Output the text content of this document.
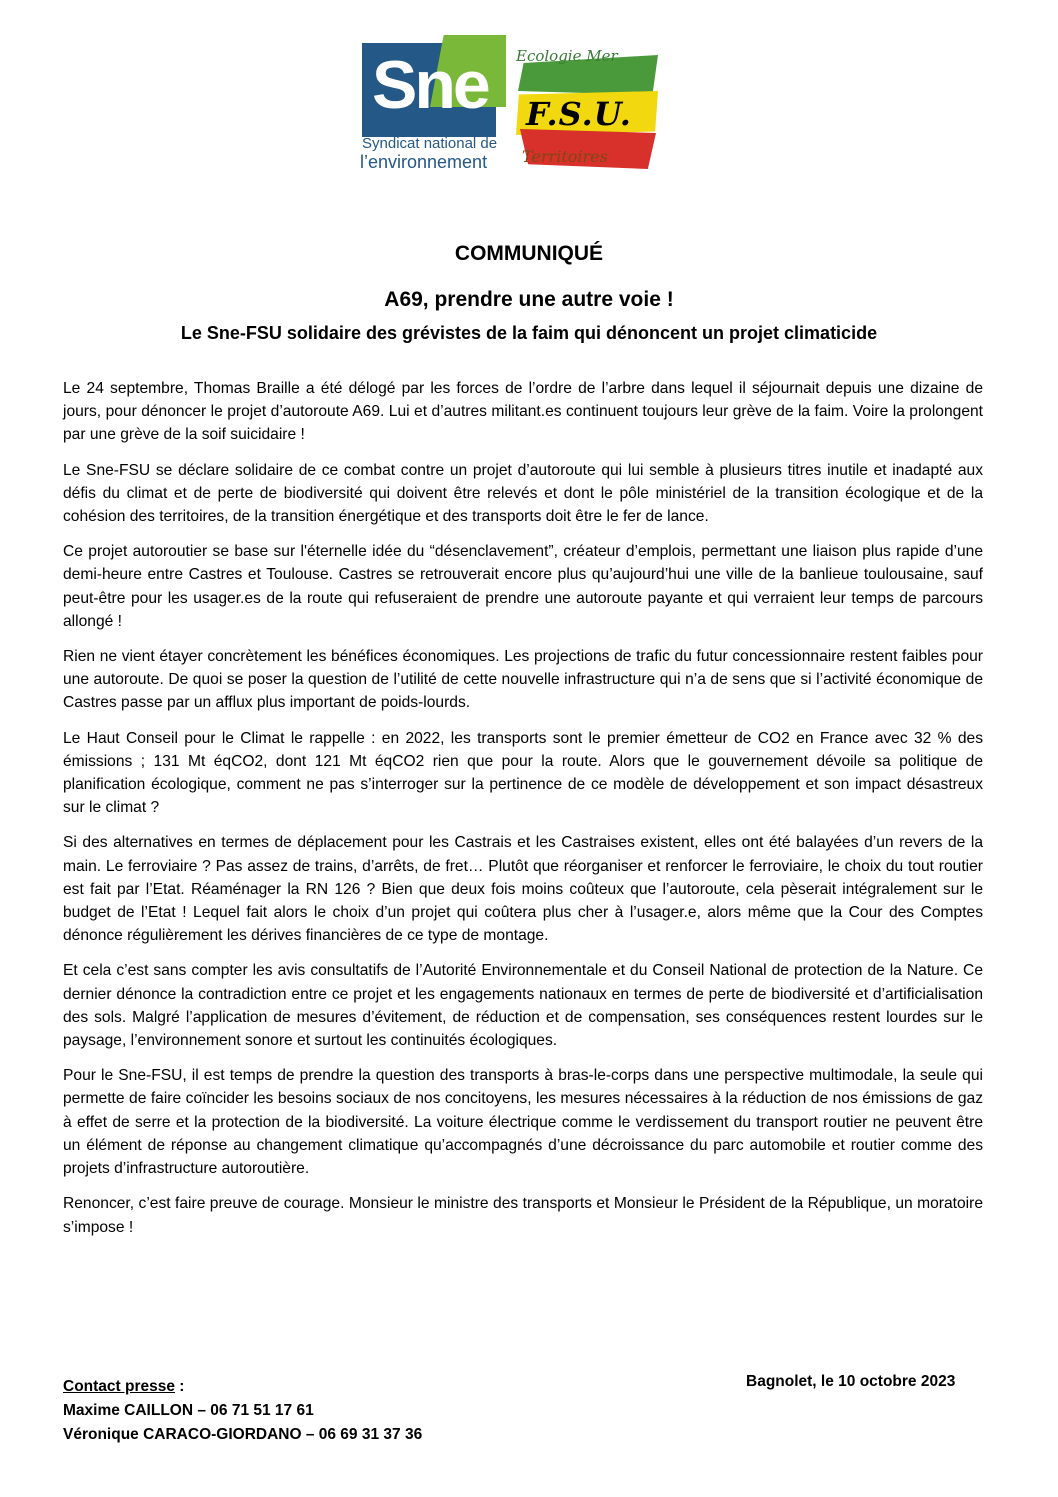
Sne
Syndicat national de
l’environnement
Ecologie Mer
F.S.U.
Territoires
COMMUNIQUÉ
A69, prendre une autre voie !
Le Sne-FSU solidaire des grévistes de la faim qui dénoncent un projet climaticide

Le 24 septembre, Thomas Braille a été délogé par les forces de l’ordre de l’arbre dans lequel il séjournait depuis une dizaine de jours, pour dénoncer le projet d’autoroute A69. Lui et d’autres militant.es continuent toujours leur grève de la faim. Voire la prolongent par une grève de la soif suicidaire !

Le Sne-FSU se déclare solidaire de ce combat contre un projet d’autoroute qui lui semble à plusieurs titres inutile et inadapté aux défis du climat et de perte de biodiversité qui doivent être relevés et dont le pôle ministériel de la transition écologique et de la cohésion des territoires, de la transition énergétique et des transports doit être le fer de lance.

Ce projet autoroutier se base sur l'éternelle idée du “désenclavement”, créateur d’emplois, permettant une liaison plus rapide d’une demi-heure entre Castres et Toulouse. Castres se retrouverait encore plus qu’aujourd’hui une ville de la banlieue toulousaine, sauf peut-être pour les usager.es de la route qui refuseraient de prendre une autoroute payante et qui verraient leur temps de parcours allongé !

Rien ne vient étayer concrètement les bénéfices économiques. Les projections de trafic du futur concessionnaire restent faibles pour une autoroute. De quoi se poser la question de l’utilité de cette nouvelle infrastructure qui n’a de sens que si l’activité économique de Castres passe par un afflux plus important de poids-lourds.

Le Haut Conseil pour le Climat le rappelle : en 2022, les transports sont le premier émetteur de CO2 en France avec 32 % des émissions ; 131 Mt éqCO2, dont 121 Mt éqCO2 rien que pour la route. Alors que le gouvernement dévoile sa politique de planification écologique, comment ne pas s’interroger sur la pertinence de ce modèle de développement et son impact désastreux sur le climat ?

Si des alternatives en termes de déplacement pour les Castrais et les Castraises existent, elles ont été balayées d’un revers de la main. Le ferroviaire ? Pas assez de trains, d’arrêts, de fret… Plutôt que réorganiser et renforcer le ferroviaire, le choix du tout routier est fait par l’Etat. Réaménager la RN 126 ? Bien que deux fois moins coûteux que l’autoroute, cela pèserait intégralement sur le budget de l’Etat ! Lequel fait alors le choix d’un projet qui coûtera plus cher à l’usager.e, alors même que la Cour des Comptes dénonce régulièrement les dérives financières de ce type de montage.

Et cela c’est sans compter les avis consultatifs de l’Autorité Environnementale et du Conseil National de protection de la Nature. Ce dernier dénonce la contradiction entre ce projet et les engagements nationaux en termes de perte de biodiversité et d’artificialisation des sols. Malgré l’application de mesures d’évitement, de réduction et de compensation, ses conséquences restent lourdes sur le paysage, l’environnement sonore et surtout les continuités écologiques.

Pour le Sne-FSU, il est temps de prendre la question des transports à bras-le-corps dans une perspective multimodale, la seule qui permette de faire coïncider les besoins sociaux de nos concitoyens, les mesures nécessaires à la réduction de nos émissions de gaz à effet de serre et la protection de la biodiversité. La voiture électrique comme le verdissement du transport routier ne peuvent être un élément de réponse au changement climatique qu’accompagnés d’une décroissance du parc automobile et routier comme des projets d’infrastructure autoroutière.

Renoncer, c’est faire preuve de courage. Monsieur le ministre des transports et Monsieur le Président de la République, un moratoire s’impose !

Contact presse :
Maxime CAILLON – 06 71 51 17 61
Véronique CARACO-GIORDANO – 06 69 31 37 36
Bagnolet, le 10 octobre 2023
